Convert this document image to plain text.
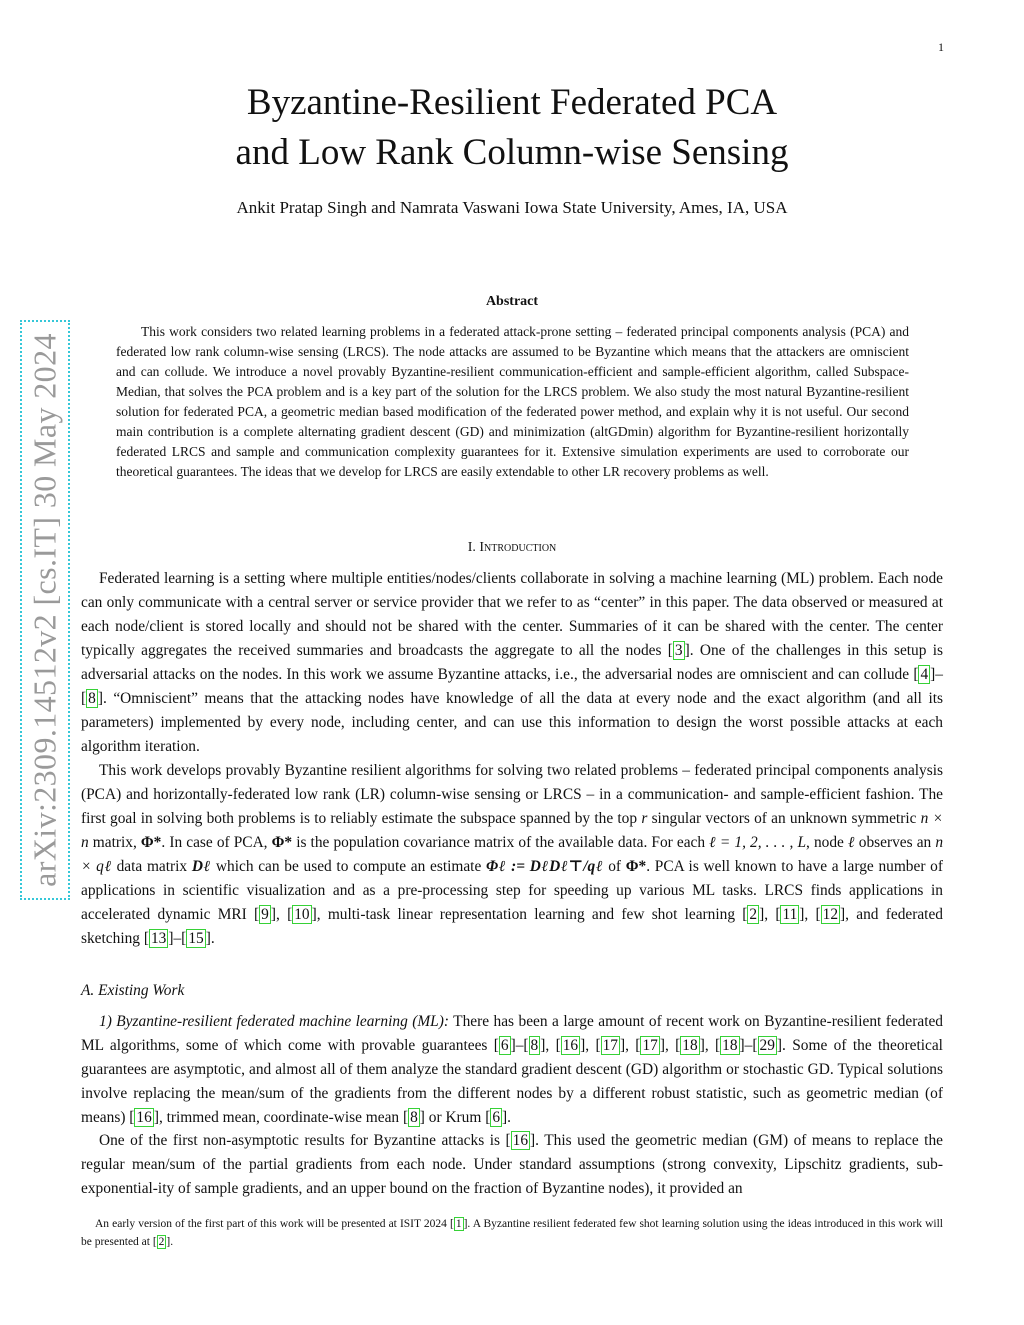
1
arXiv:2309.14512v2 [cs.IT] 30 May 2024
Byzantine-Resilient Federated PCA
and Low Rank Column-wise Sensing
Ankit Pratap Singh and Namrata Vaswani Iowa State University, Ames, IA, USA
Abstract
This work considers two related learning problems in a federated attack-prone setting – federated principal components analysis (PCA) and federated low rank column-wise sensing (LRCS). The node attacks are assumed to be Byzantine which means that the attackers are omniscient and can collude. We introduce a novel provably Byzantine-resilient communication-efficient and sample-efficient algorithm, called Subspace-Median, that solves the PCA problem and is a key part of the solution for the LRCS problem. We also study the most natural Byzantine-resilient solution for federated PCA, a geometric median based modification of the federated power method, and explain why it is not useful. Our second main contribution is a complete alternating gradient descent (GD) and minimization (altGDmin) algorithm for Byzantine-resilient horizontally federated LRCS and sample and communication complexity guarantees for it. Extensive simulation experiments are used to corroborate our theoretical guarantees. The ideas that we develop for LRCS are easily extendable to other LR recovery problems as well.
I. Introduction

Federated learning is a setting where multiple entities/nodes/clients collaborate in solving a machine learning (ML) problem. Each node can only communicate with a central server or service provider that we refer to as “center” in this paper. The data observed or measured at each node/client is stored locally and should not be shared with the center. Summaries of it can be shared with the center. The center typically aggregates the received summaries and broadcasts the aggregate to all the nodes [ 3 ]. One of the challenges in this setup is adversarial attacks on the nodes. In this work we assume Byzantine attacks, i.e., the adversarial nodes are omniscient and can collude [ 4 ]–[ 8 ]. “Omniscient” means that the attacking nodes have knowledge of all the data at every node and the exact algorithm (and all its parameters) implemented by every node, including center, and can use this information to design the worst possible attacks at each algorithm iteration.

This work develops provably Byzantine resilient algorithms for solving two related problems – federated principal components analysis (PCA) and horizontally-federated low rank (LR) column-wise sensing or LRCS – in a communication- and sample-efficient fashion. The first goal in solving both problems is to reliably estimate the subspace spanned by the top r singular vectors of an unknown symmetric n × n matrix, Φ*. In case of PCA, Φ* is the population covariance matrix of the available data. For each ℓ = 1, 2, . . . , L, node ℓ observes an n × qℓ data matrix Dℓ which can be used to compute an estimate Φℓ := DℓDℓ⊤/qℓ of Φ*. PCA is well known to have a large number of applications in scientific visualization and as a pre-processing step for speeding up various ML tasks. LRCS finds applications in accelerated dynamic MRI [ 9 ], [ 10 ], multi-task linear representation learning and few shot learning [ 2 ], [ 11 ], [ 12 ], and federated sketching [ 13 ]–[ 15 ].

A. Existing Work

1) Byzantine-resilient federated machine learning (ML): There has been a large amount of recent work on Byzantine-resilient federated ML algorithms, some of which come with provable guarantees [ 6 ]–[ 8 ], [ 16 ], [ 17 ], [ 17 ], [ 18 ], [ 18 ]–[ 29 ]. Some of the theoretical guarantees are asymptotic, and almost all of them analyze the standard gradient descent (GD) algorithm or stochastic GD. Typical solutions involve replacing the mean/sum of the gradients from the different nodes by a different robust statistic, such as geometric median (of means) [ 16 ], trimmed mean, coordinate-wise mean [ 8 ] or Krum [ 6 ].

One of the first non-asymptotic results for Byzantine attacks is [ 16 ]. This used the geometric median (GM) of means to replace the regular mean/sum of the partial gradients from each node. Under standard assumptions (strong convexity, Lipschitz gradients, sub-exponential-ity of sample gradients, and an upper bound on the fraction of Byzantine nodes), it provided an

An early version of the first part of this work will be presented at ISIT 2024 [ 1 ]. A Byzantine resilient federated few shot learning solution using the ideas introduced in this work will be presented at [ 2 ].
